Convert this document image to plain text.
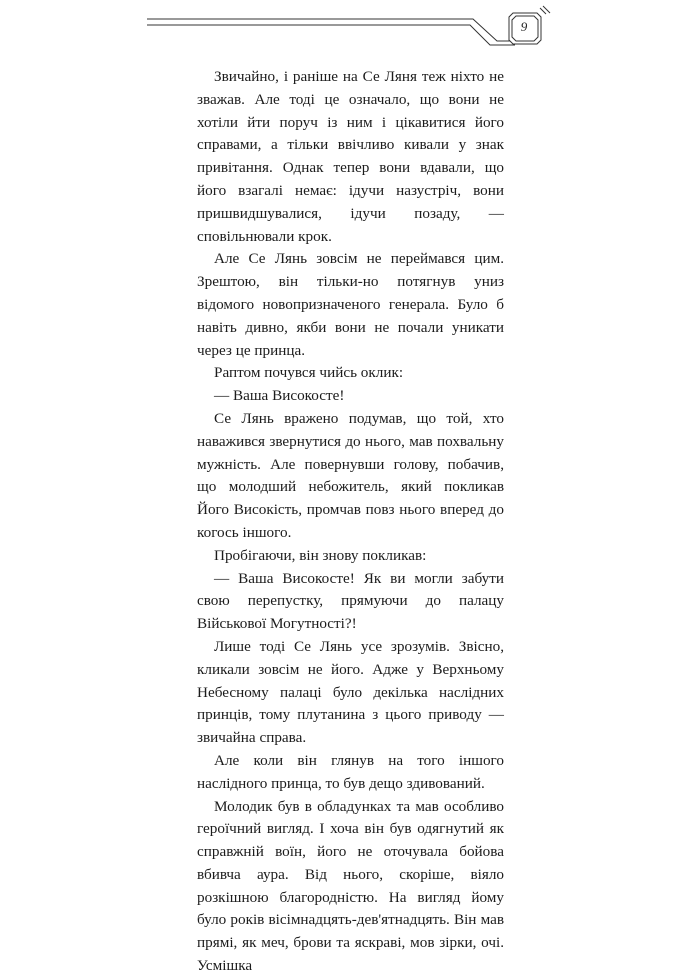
9

Звичайно, і раніше на Се Ляня теж ніхто не зважав. Але тоді це означало, що вони не хотіли йти поруч із ним і цікавитися його справами, а тільки ввічливо кивали у знак привітання. Однак тепер вони вдавали, що його взагалі немає: ідучи назустріч, вони пришвидшувалися, ідучи позаду, — сповільнювали крок.

Але Се Лянь зовсім не переймався цим. Зрештою, він тільки-но потягнув униз відомого новопризначеного генерала. Було б навіть дивно, якби вони не почали уникати через це принца.

Раптом почувся чийсь оклик:

— Ваша Високосте!

Се Лянь вражено подумав, що той, хто наважився звернутися до нього, мав похвальну мужність. Але повернувши голову, побачив, що молодший небожитель, який покликав Його Високість, промчав повз нього вперед до когось іншого.

Пробігаючи, він знову покликав:

— Ваша Високосте! Як ви могли забути свою перепустку, прямуючи до палацу Військової Могутності?!

Лише тоді Се Лянь усе зрозумів. Звісно, кликали зовсім не його. Адже у Верхньому Небесному палаці було декілька наслідних принців, тому плутанина з цього приводу — звичайна справа.

Але коли він глянув на того іншого наслідного принца, то був дещо здивований.

Молодик був в обладунках та мав особливо героїчний вигляд. І хоча він був одягнутий як справжній воїн, його не оточувала бойова вбивча аура. Від нього, скоріше, віяло розкішною благородністю. На вигляд йому було років вісімнадцять-дев'ятнадцять. Він мав прямі, як меч, брови та яскраві, мов зірки, очі. Усмішка
